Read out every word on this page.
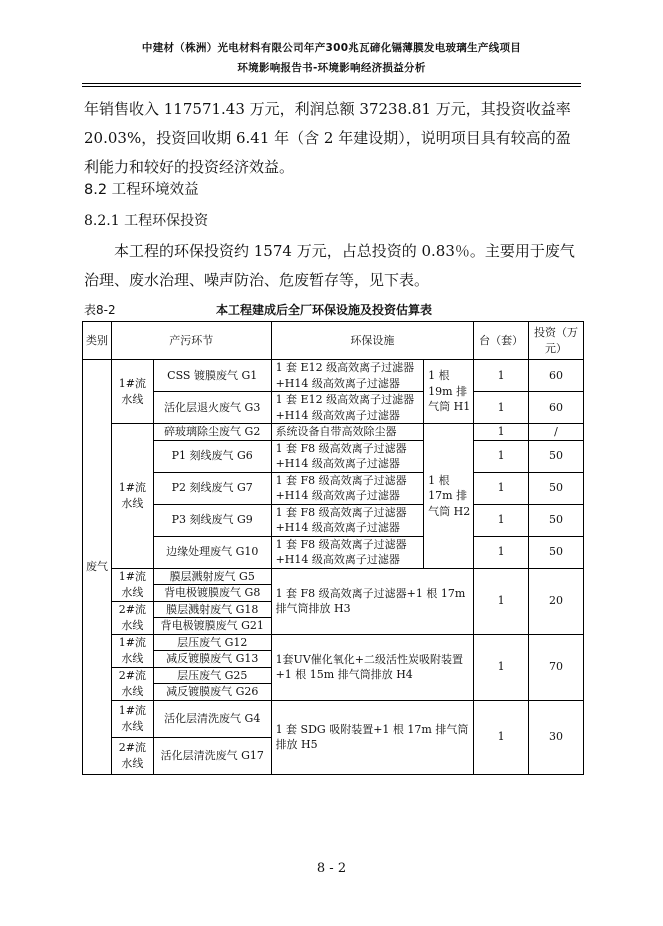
中建材（株洲）光电材料有限公司年产300兆瓦碲化镉薄膜发电玻璃生产线项目
环境影响报告书-环境影响经济损益分析
年销售收入 117571.43 万元，利润总额 37238.81 万元，其投资收益率 20.03%，投资回收期 6.41 年（含 2 年建设期），说明项目具有较高的盈利能力和较好的投资经济效益。
8.2 工程环境效益
8.2.1 工程环保投资
本工程的环保投资约 1574 万元，占总投资的 0.83％。主要用于废气治理、废水治理、噪声防治、危废暂存等，见下表。
表8-2	本工程建成后全厂环保设施及投资估算表
类别	产污环节		环保设施		台（套）	投资（万元）
废气	1#流水线	CSS 镀膜废气 G1	1 套 E12 级高效离子过滤器+H14 级高效离子过滤器	1 根 19m 排气筒 H1	1	60

		活化层退火废气 G3	1 套 E12 级高效离子过滤器+H14 级高效离子过滤器		1	60

	1#流水线	碎玻璃除尘废气 G2	系统设备自带高效除尘器	1 根 17m 排气筒 H2	1	/
		P1 刻线废气 G6	1 套 F8 级高效离子过滤器+H14 级高效离子过滤器		1	50
		P2 刻线废气 G7	1 套 F8 级高效离子过滤器+H14 级高效离子过滤器		1	50
		P3 刻线废气 G9	1 套 F8 级高效离子过滤器+H14 级高效离子过滤器		1	50
		边缘处理废气 G10	1 套 F8 级高效离子过滤器+H14 级高效离子过滤器		1	50
	1#流水线	膜层溅射废气 G5	1 套 F8 级高效离子过滤器+1 根 17m 排气筒排放 H3		1	20
		背电极镀膜废气 G8				
	2#流水线	膜层溅射废气 G18				
		背电极镀膜废气 G21				
	1#流水线	层压废气 G12	1套UV催化氧化+二级活性炭吸附装置+1 根 15m 排气筒排放 H4		1	70
		减反镀膜废气 G13				
	2#流水线	层压废气 G25				
		减反镀膜废气 G26				
	1#流水线	活化层清洗废气 G4	1 套 SDG 吸附装置+1 根 17m 排气筒排放 H5		1	30
	2#流水线	活化层清洗废气 G17				
8 - 2
